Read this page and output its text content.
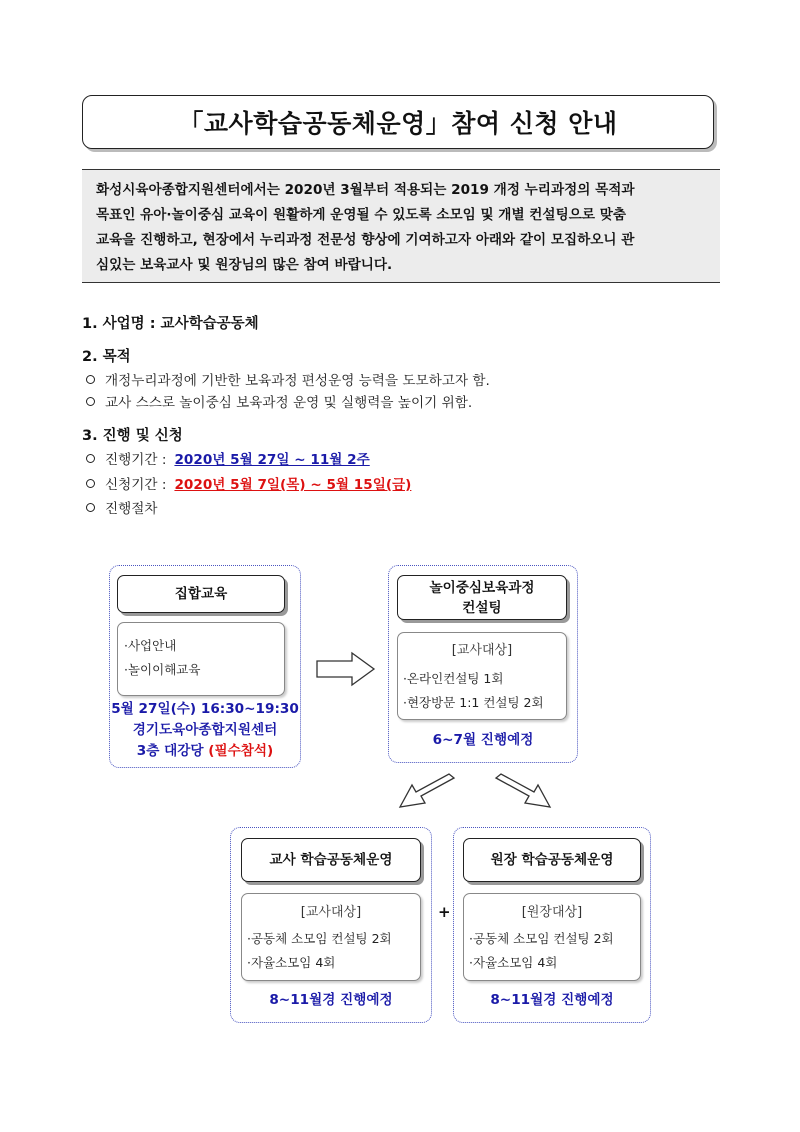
「교사학습공동체운영」참여 신청 안내
화성시육아종합지원센터에서는 2020년 3월부터 적용되는 2019 개정 누리과정의 목적과
목표인 유아·놀이중심 교육이 원활하게 운영될 수 있도록 소모임 및 개별 컨설팅으로 맞춤
교육을 진행하고, 현장에서 누리과정 전문성 향상에 기여하고자 아래와 같이 모집하오니 관
심있는 보육교사 및 원장님의 많은 참여 바랍니다.
1. 사업명 : 교사학습공동체
2. 목적
개정누리과정에 기반한 보육과정 편성운영 능력을 도모하고자 함.
교사 스스로 놀이중심 보육과정 운영 및 실행력을 높이기 위함.
3. 진행 및 신청
진행기간 : 2020년 5월 27일 ~ 11월 2주
신청기간 : 2020년 5월 7일(목) ~ 5월 15일(금)
진행절차
집합교육
·사업안내
·놀이이해교육
5월 27일(수) 16:30~19:30
경기도육아종합지원센터
3층 대강당 (필수참석)
놀이중심보육과정
컨설팅
[교사대상]
·온라인컨설팅 1회
·현장방문 1:1 컨설팅 2회
6~7월 진행예정
교사 학습공동체운영
[교사대상]
·공동체 소모임 컨설팅 2회
·자율소모임 4회
8~11월경 진행예정
+
원장 학습공동체운영
[원장대상]
·공동체 소모임 컨설팅 2회
·자율소모임 4회
8~11월경 진행예정
